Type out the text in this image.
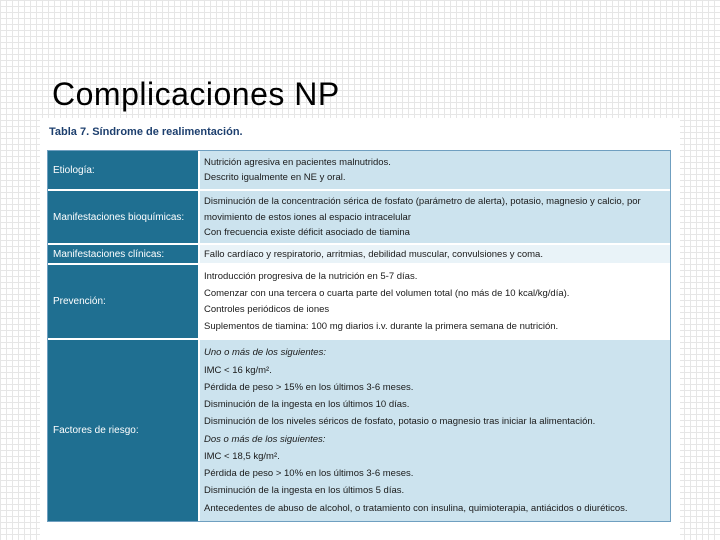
Complicaciones NP
Tabla 7. Síndrome de realimentación.
Etiología:
Nutrición agresiva en pacientes malnutridos.
Descrito igualmente en NE y oral.
Manifestaciones bioquímicas:
Disminución de la concentración sérica de fosfato (parámetro de alerta), potasio, magnesio y calcio, por
movimiento de estos iones al espacio intracelular
Con frecuencia existe déficit asociado de tiamina
Manifestaciones clínicas:	Fallo cardíaco y respiratorio, arritmias, debilidad muscular, convulsiones y coma.
Prevención:
Introducción progresiva de la nutrición en 5-7 días.
Comenzar con una tercera o cuarta parte del volumen total (no más de 10 kcal/kg/día).
Controles periódicos de iones
Suplementos de tiamina: 100 mg diarios i.v. durante la primera semana de nutrición.
Factores de riesgo:
Uno o más de los siguientes:
IMC < 16 kg/m².
Pérdida de peso > 15% en los últimos 3-6 meses.
Disminución de la ingesta en los últimos 10 días.
Disminución de los niveles séricos de fosfato, potasio o magnesio tras iniciar la alimentación.
Dos o más de los siguientes:
IMC < 18,5 kg/m².
Pérdida de peso > 10% en los últimos 3-6 meses.
Disminución de la ingesta en los últimos 5 días.
Antecedentes de abuso de alcohol, o tratamiento con insulina, quimioterapia, antiácidos o diuréticos.
